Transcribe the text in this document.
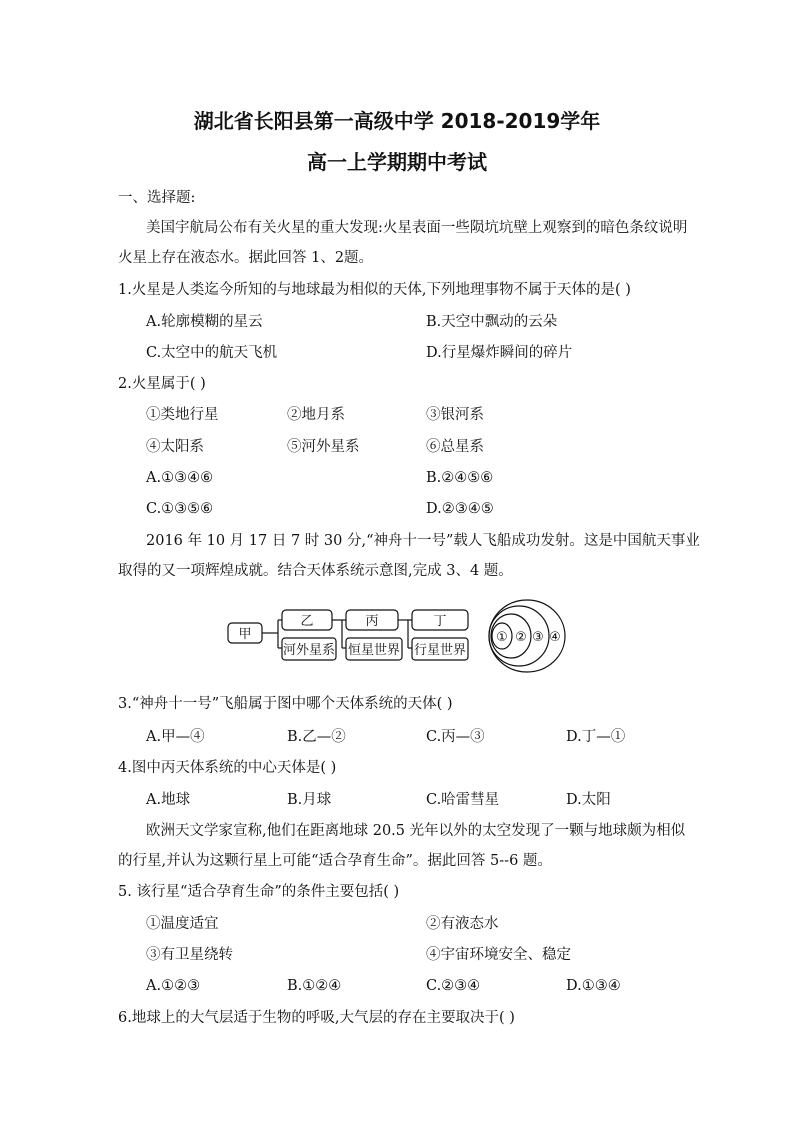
湖北省长阳县第一高级中学 2018-2019学年
高一上学期期中考试
一、选择题:
美国宇航局公布有关火星的重大发现:火星表面一些陨坑坑壁上观察到的暗色条纹说明
火星上存在液态水。据此回答 1、2题。
1.火星是人类迄今所知的与地球最为相似的天体,下列地理事物不属于天体的是( )
A.轮廓模糊的星云	B.天空中飘动的云朵
C.太空中的航天飞机	D.行星爆炸瞬间的碎片
2.火星属于( )
①类地行星	②地月系	③银河系
④太阳系	⑤河外星系	⑥总星系
A.①③④⑥	B.②④⑤⑥
C.①③⑤⑥	D.②③④⑤
2016 年 10 月 17 日 7 时 30 分,“神舟十一号”载人飞船成功发射。这是中国航天事业
取得的又一项辉煌成就。结合天体系统示意图,完成 3、4 题。
甲
乙
河外星系
丙
恒星世界
丁
行星世界
① ② ③ ④
3.“神舟十一号”飞船属于图中哪个天体系统的天体( )
A.甲—④	B.乙—②	C.丙—③	D.丁—①
4.图中丙天体系统的中心天体是( )
A.地球	B.月球	C.哈雷彗星	D.太阳
欧洲天文学家宣称,他们在距离地球 20.5 光年以外的太空发现了一颗与地球颇为相似
的行星,并认为这颗行星上可能“适合孕育生命”。据此回答 5--6 题。
5. 该行星“适合孕育生命”的条件主要包括( )
①温度适宜	②有液态水
③有卫星绕转	④宇宙环境安全、稳定
A.①②③	B.①②④	C.②③④	D.①③④
6.地球上的大气层适于生物的呼吸,大气层的存在主要取决于( )
